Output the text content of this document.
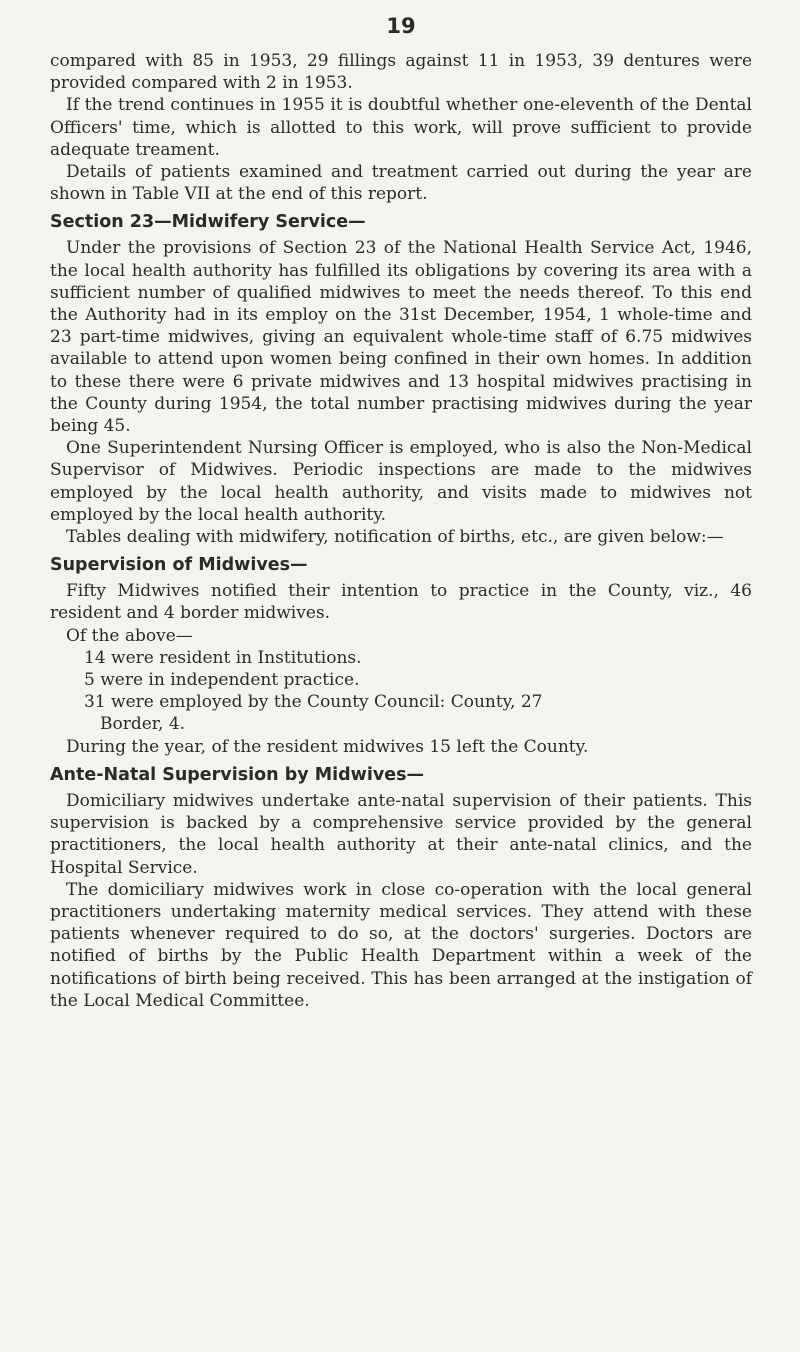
19

compared with 85 in 1953, 29 fillings against 11 in 1953, 39 dentures were provided compared with 2 in 1953.

If the trend continues in 1955 it is doubtful whether one-eleventh of the Dental Officers' time, which is allotted to this work, will prove sufficient to provide adequate treament.

Details of patients examined and treatment carried out during the year are shown in Table VII at the end of this report.

Section 23—Midwifery Service—

Under the provisions of Section 23 of the National Health Service Act, 1946, the local health authority has fulfilled its obligations by covering its area with a sufficient number of qualified midwives to meet the needs thereof. To this end the Authority had in its employ on the 31st December, 1954, 1 whole-time and 23 part-time midwives, giving an equivalent whole-time staff of 6.75 midwives available to attend upon women being confined in their own homes. In addition to these there were 6 private midwives and 13 hospital midwives practising in the County during 1954, the total number practising midwives during the year being 45.

One Superintendent Nursing Officer is employed, who is also the Non-Medical Supervisor of Midwives. Periodic inspections are made to the midwives employed by the local health authority, and visits made to midwives not employed by the local health authority.

Tables dealing with midwifery, notification of births, etc., are given below:—

Supervision of Midwives—

Fifty Midwives notified their intention to practice in the County, viz., 46 resident and 4 border midwives.

Of the above—

14 were resident in Institutions.

5 were in independent practice.

31 were employed by the County Council: County, 27

Border, 4.

During the year, of the resident midwives 15 left the County.

Ante-Natal Supervision by Midwives—

Domiciliary midwives undertake ante-natal supervision of their patients. This supervision is backed by a comprehensive service provided by the general practitioners, the local health authority at their ante-natal clinics, and the Hospital Service.

The domiciliary midwives work in close co-operation with the local general practitioners undertaking maternity medical services. They attend with these patients whenever required to do so, at the doctors' surgeries. Doctors are notified of births by the Public Health Department within a week of the notifications of birth being received. This has been arranged at the instigation of the Local Medical Committee.
